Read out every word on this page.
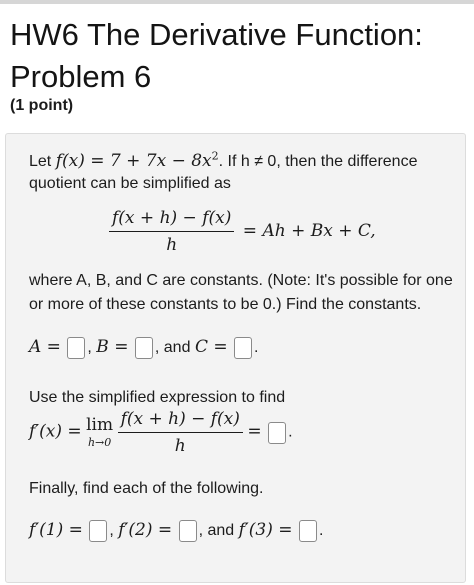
HW6 The Derivative Function: Problem 6
(1 point)
Let $f(x) = 7 + 7x - 8x^2$. If h ≠ 0, then the difference
quotient can be simplified as
$\frac{f(x + h) - f(x)}{h} = Ah + Bx + C$,
where A, B, and C are constants. (Note: It's possible for one
or more of these constants to be 0.) Find the constants.
A = , B = , and C = .
Use the simplified expression to find
f′(x) = lim
h→0
$\frac{f(x + h) - f(x)}{h}$ = .
Finally, find each of the following.
f′(1) = , f′(2) = , and f′(3) = .
